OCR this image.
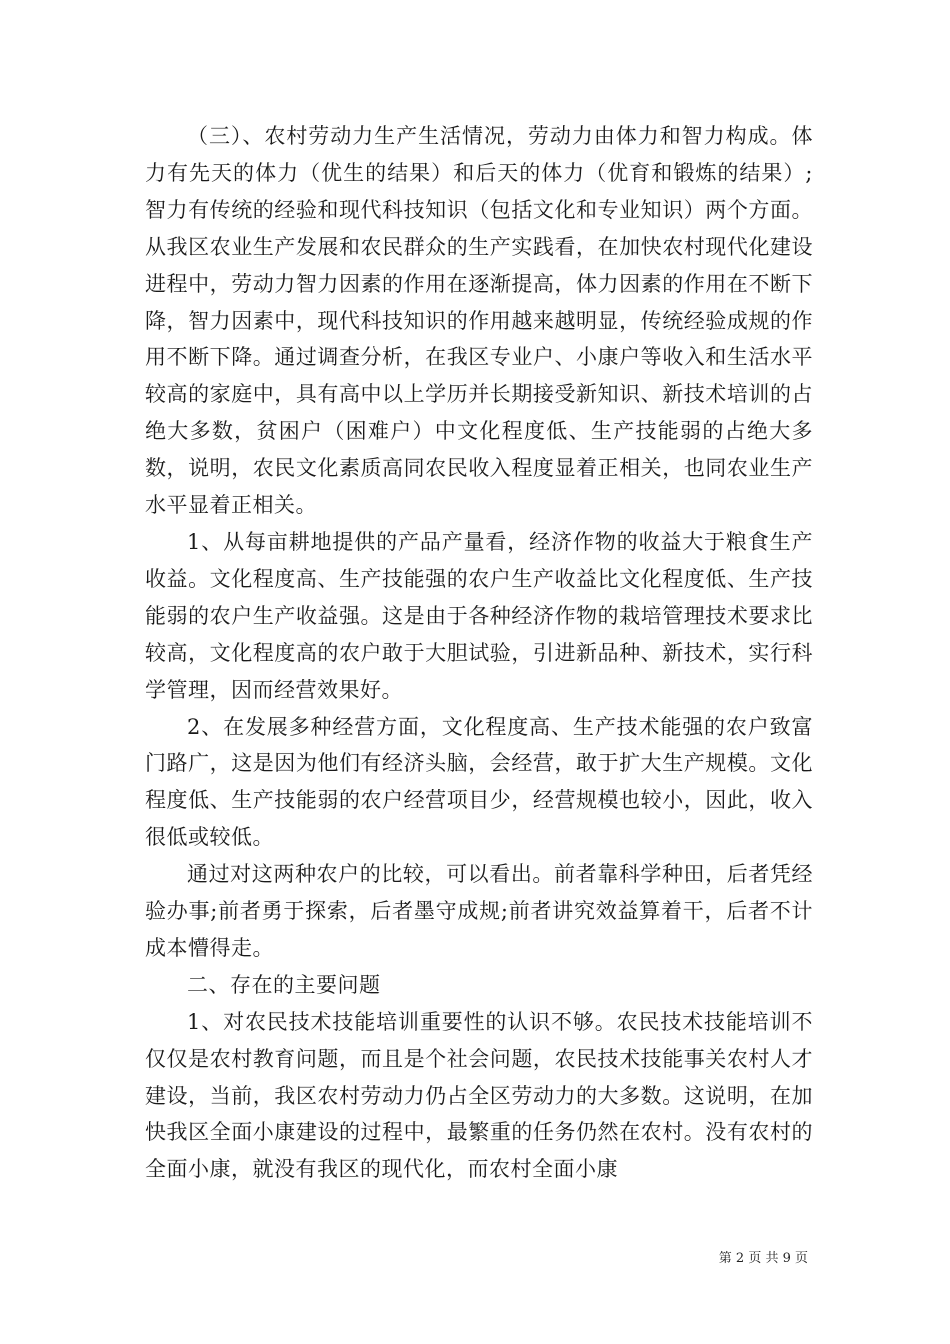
（三）、农村劳动力生产生活情况，劳动力由体力和智力构成。体力有先天的体力（优生的结果）和后天的体力（优育和锻炼的结果）;智力有传统的经验和现代科技知识（包括文化和专业知识）两个方面。从我区农业生产发展和农民群众的生产实践看，在加快农村现代化建设进程中，劳动力智力因素的作用在逐渐提高，体力因素的作用在不断下降，智力因素中，现代科技知识的作用越来越明显，传统经验成规的作用不断下降。通过调查分析，在我区专业户、小康户等收入和生活水平较高的家庭中，具有高中以上学历并长期接受新知识、新技术培训的占绝大多数，贫困户（困难户）中文化程度低、生产技能弱的占绝大多数，说明，农民文化素质高同农民收入程度显着正相关，也同农业生产水平显着正相关。

1、从每亩耕地提供的产品产量看，经济作物的收益大于粮食生产收益。文化程度高、生产技能强的农户生产收益比文化程度低、生产技能弱的农户生产收益强。这是由于各种经济作物的栽培管理技术要求比较高，文化程度高的农户敢于大胆试验，引进新品种、新技术，实行科学管理，因而经营效果好。

2、在发展多种经营方面，文化程度高、生产技术能强的农户致富门路广，这是因为他们有经济头脑，会经营，敢于扩大生产规模。文化程度低、生产技能弱的农户经营项目少，经营规模也较小，因此，收入很低或较低。

通过对这两种农户的比较，可以看出。前者靠科学种田，后者凭经验办事;前者勇于探索，后者墨守成规;前者讲究效益算着干，后者不计成本懵得走。

二、存在的主要问题

1、对农民技术技能培训重要性的认识不够。农民技术技能培训不仅仅是农村教育问题，而且是个社会问题，农民技术技能事关农村人才建设，当前，我区农村劳动力仍占全区劳动力的大多数。这说明，在加快我区全面小康建设的过程中，最繁重的任务仍然在农村。没有农村的全面小康，就没有我区的现代化，而农村全面小康

第 2 页 共 9 页
